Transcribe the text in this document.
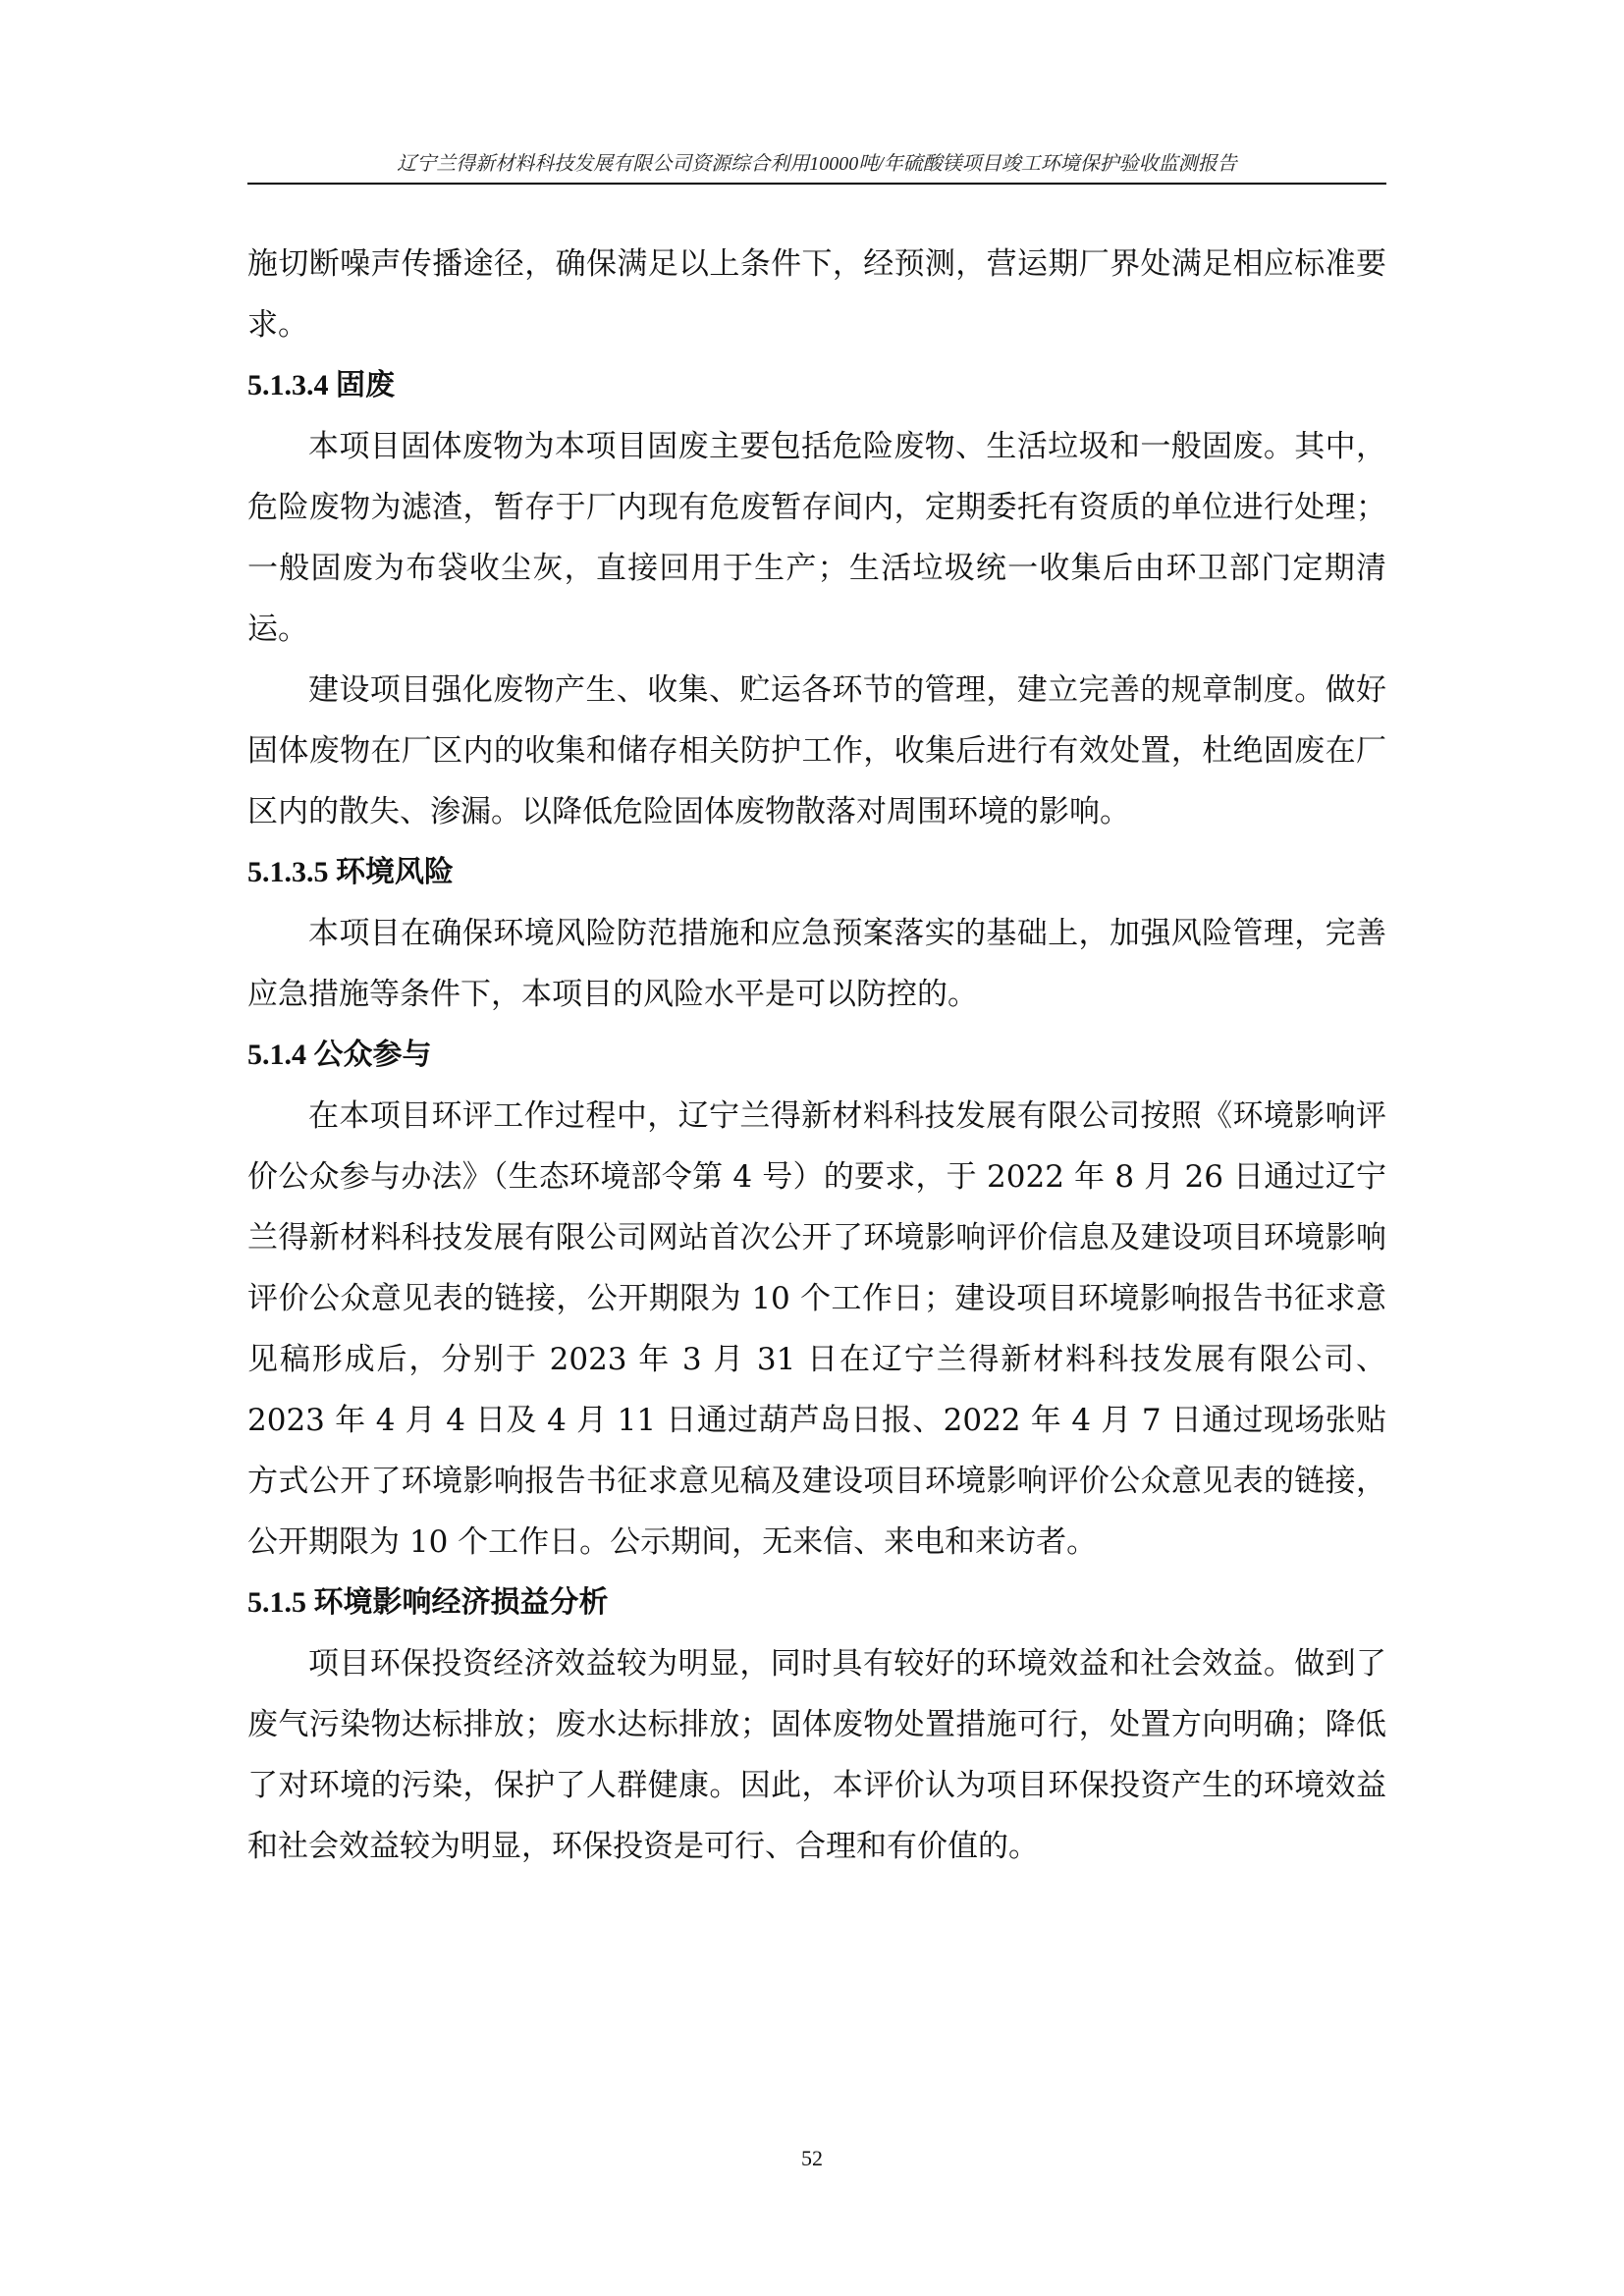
辽宁兰得新材料科技发展有限公司资源综合利用10000吨/年硫酸镁项目竣工环境保护验收监测报告

施切断噪声传播途径，确保满足以上条件下，经预测，营运期厂界处满足相应标准要求。

5.1.3.4 固废

本项目固体废物为本项目固废主要包括危险废物、生活垃圾和一般固废。其中，危险废物为滤渣，暂存于厂内现有危废暂存间内，定期委托有资质的单位进行处理；一般固废为布袋收尘灰，直接回用于生产；生活垃圾统一收集后由环卫部门定期清运。

建设项目强化废物产生、收集、贮运各环节的管理，建立完善的规章制度。做好固体废物在厂区内的收集和储存相关防护工作，收集后进行有效处置，杜绝固废在厂区内的散失、渗漏。以降低危险固体废物散落对周围环境的影响。

5.1.3.5 环境风险

本项目在确保环境风险防范措施和应急预案落实的基础上，加强风险管理，完善应急措施等条件下，本项目的风险水平是可以防控的。

5.1.4 公众参与

在本项目环评工作过程中，辽宁兰得新材料科技发展有限公司按照《环境影响评价公众参与办法》（生态环境部令第 4 号）的要求，于 2022 年 8 月 26 日通过辽宁兰得新材料科技发展有限公司网站首次公开了环境影响评价信息及建设项目环境影响评价公众意见表的链接，公开期限为 10 个工作日；建设项目环境影响报告书征求意见稿形成后，分别于 2023 年 3 月 31 日在辽宁兰得新材料科技发展有限公司、2023 年 4 月 4 日及 4 月 11 日通过葫芦岛日报、2022 年 4 月 7 日通过现场张贴方式公开了环境影响报告书征求意见稿及建设项目环境影响评价公众意见表的链接，公开期限为 10 个工作日。公示期间，无来信、来电和来访者。

5.1.5 环境影响经济损益分析

项目环保投资经济效益较为明显，同时具有较好的环境效益和社会效益。做到了废气污染物达标排放；废水达标排放；固体废物处置措施可行，处置方向明确；降低了对环境的污染，保护了人群健康。因此，本评价认为项目环保投资产生的环境效益和社会效益较为明显，环保投资是可行、合理和有价值的。

52
